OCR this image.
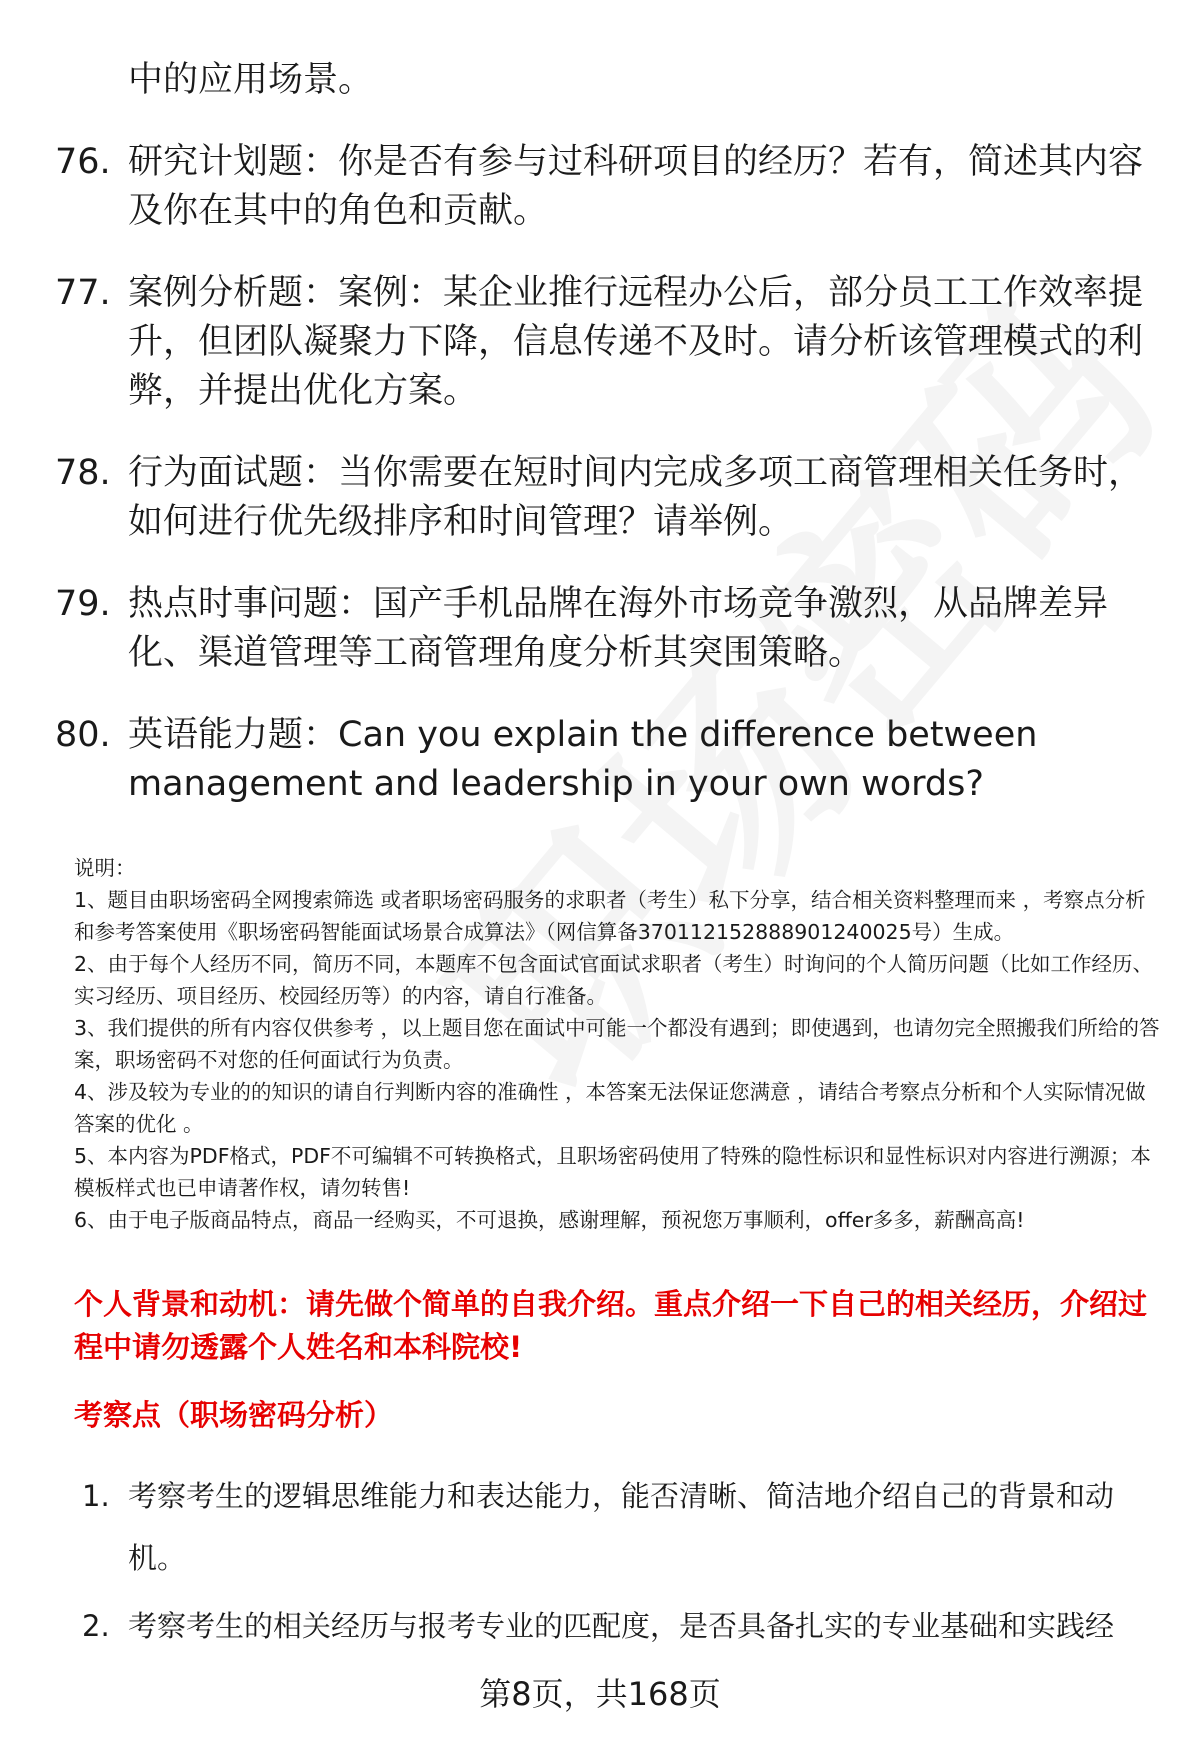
中的应用场景。
76. 研究计划题：你是否有参与过科研项目的经历？若有，简述其内容及你在其中的角色和贡献。
77. 案例分析题：案例：某企业推行远程办公后，部分员工工作效率提升，但团队凝聚力下降，信息传递不及时。请分析该管理模式的利弊，并提出优化方案。
78. 行为面试题：当你需要在短时间内完成多项工商管理相关任务时，如何进行优先级排序和时间管理？请举例。
79. 热点时事问题：国产手机品牌在海外市场竞争激烈，从品牌差异化、渠道管理等工商管理角度分析其突围策略。
80. 英语能力题：Can you explain the difference between management and leadership in your own words?

说明：

1、题目由职场密码全网搜索筛选 或者职场密码服务的求职者（考生）私下分享，结合相关资料整理而来 ，考察点分析和参考答案使用《职场密码智能面试场景合成算法》（网信算备370112152888901240025号）生成。

2、由于每个人经历不同，简历不同，本题库不包含面试官面试求职者（考生）时询问的个人简历问题（比如工作经历、实习经历、项目经历、校园经历等）的内容，请自行准备。

3、我们提供的所有内容仅供参考 ，以上题目您在面试中可能一个都没有遇到；即使遇到，也请勿完全照搬我们所给的答案，职场密码不对您的任何面试行为负责。

4、涉及较为专业的的知识的请自行判断内容的准确性 ，本答案无法保证您满意 ，请结合考察点分析和个人实际情况做答案的优化 。

5、本内容为PDF格式，PDF不可编辑不可转换格式，且职场密码使用了特殊的隐性标识和显性标识对内容进行溯源；本模板样式也已申请著作权，请勿转售!

6、由于电子版商品特点，商品一经购买，不可退换，感谢理解，预祝您万事顺利，offer多多，薪酬高高!

个人背景和动机：请先做个简单的自我介绍。重点介绍一下自己的相关经历，介绍过程中请勿透露个人姓名和本科院校!
考察点（职场密码分析）
1. 考察考生的逻辑思维能力和表达能力，能否清晰、简洁地介绍自己的背景和动机。
2. 考察考生的相关经历与报考专业的匹配度，是否具备扎实的专业基础和实践经
第8页，共168页
